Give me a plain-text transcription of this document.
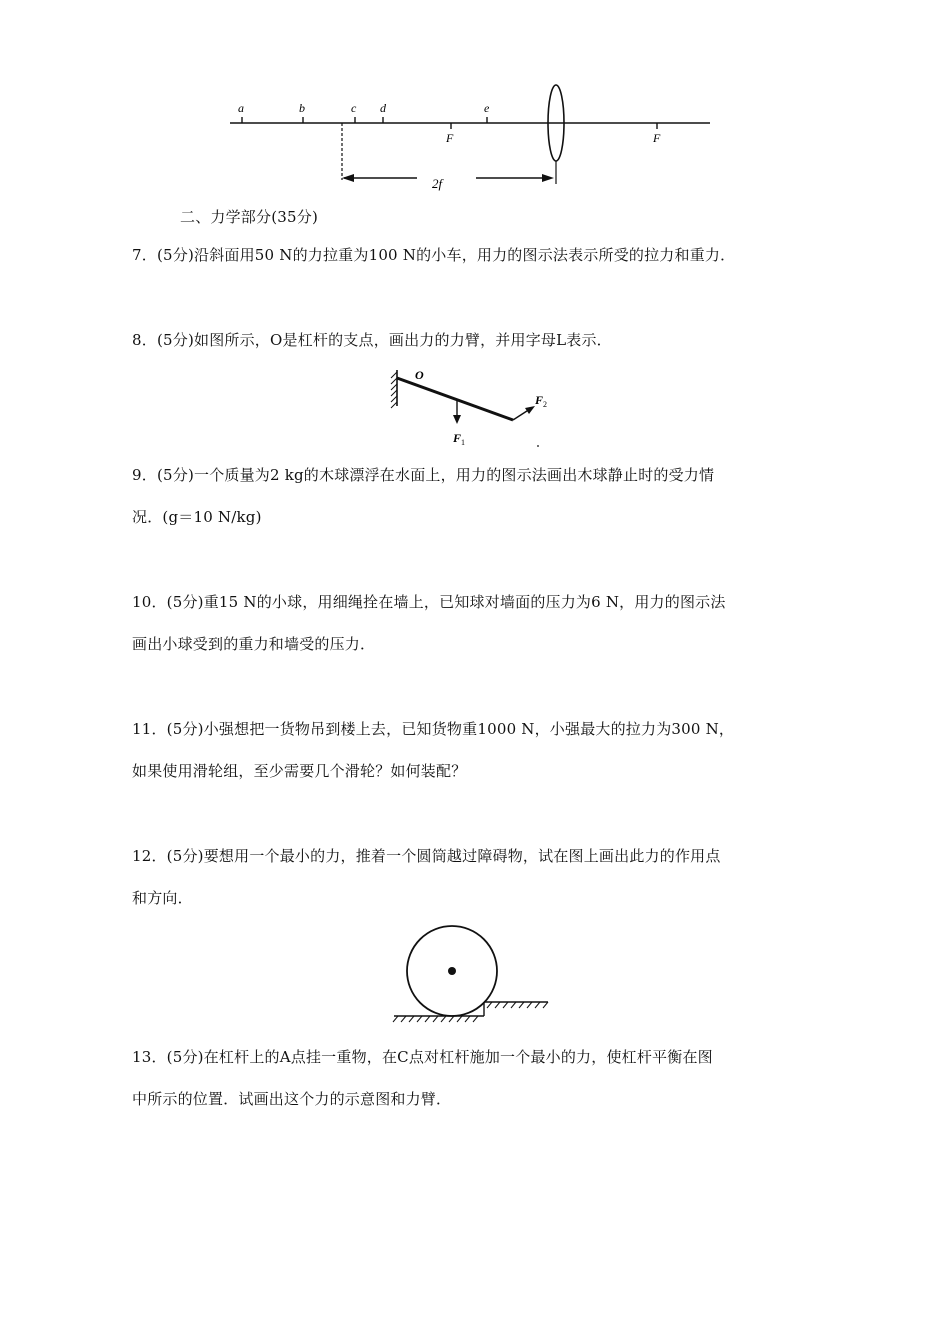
a	b	c d	e
F	F
2f
二、力学部分(35分)
7．(5分)沿斜面用50 N的力拉重为100 N的小车，用力的图示法表示所受的拉力和重力．
8．(5分)如图所示，O是杠杆的支点，画出力的力臂，并用字母L表示．
O
F 1
F 2
9．(5分)一个质量为2 kg的木球漂浮在水面上，用力的图示法画出木球静止时的受力情
况．(g＝10 N/kg)
10．(5分)重15 N的小球，用细绳拴在墙上，已知球对墙面的压力为6 N，用力的图示法
画出小球受到的重力和墙受的压力．
11．(5分)小强想把一货物吊到楼上去，已知货物重1000 N，小强最大的拉力为300 N，
如果使用滑轮组，至少需要几个滑轮？如何装配？
12．(5分)要想用一个最小的力，推着一个圆筒越过障碍物，试在图上画出此力的作用点
和方向．
13．(5分)在杠杆上的A点挂一重物，在C点对杠杆施加一个最小的力，使杠杆平衡在图
中所示的位置．试画出这个力的示意图和力臂．
